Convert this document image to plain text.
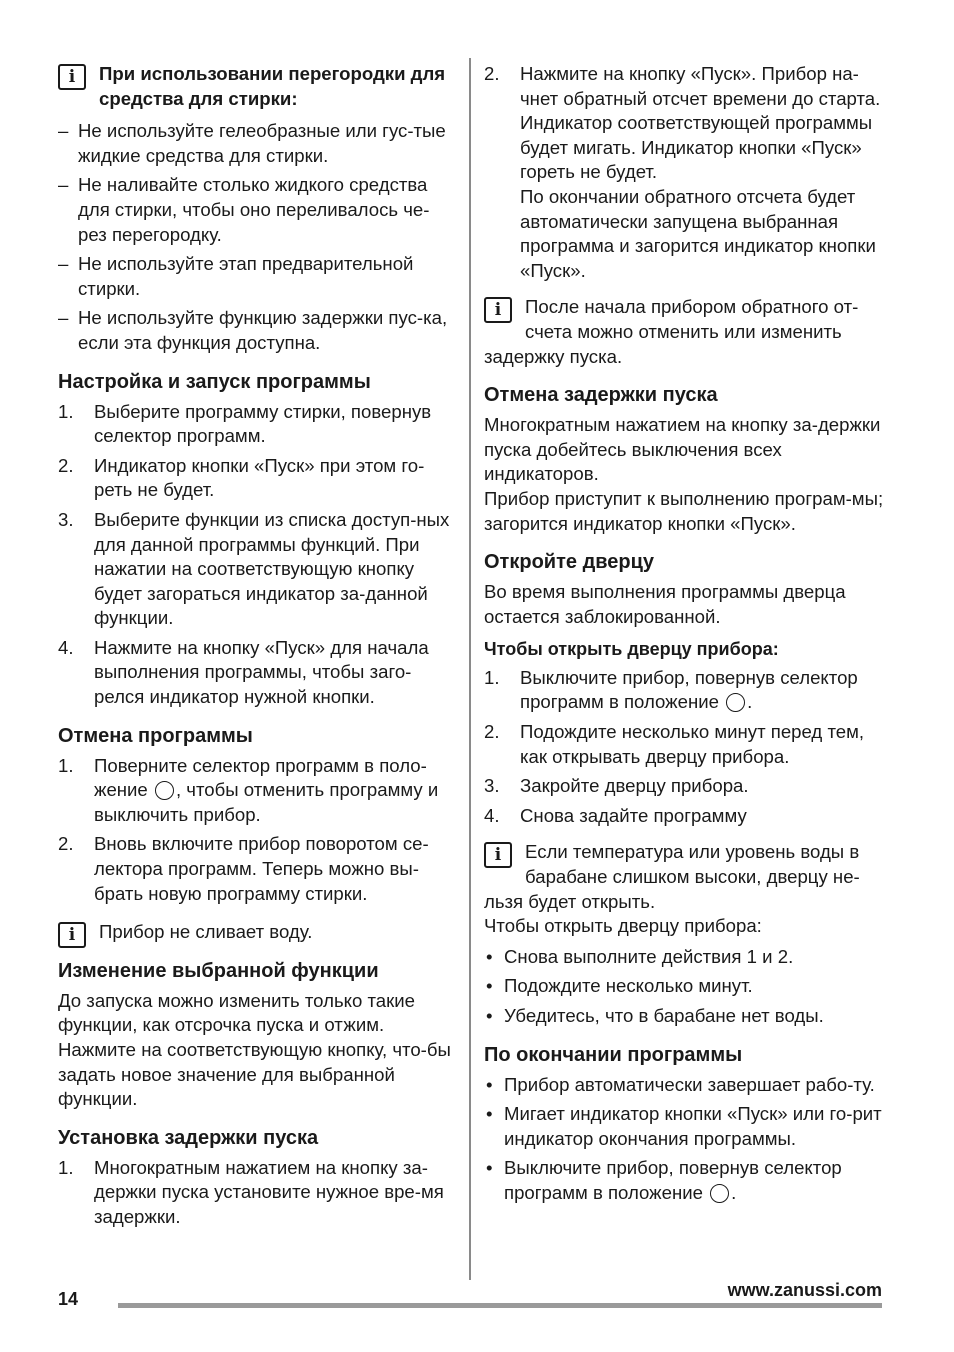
i	При использовании перегородки для средства для стирки:
– Не используйте гелеобразные или гус-тые жидкие средства для стирки.
– Не наливайте столько жидкого средства для стирки, чтобы оно переливалось че-рез перегородку.
– Не используйте этап предварительной стирки.
– Не используйте функцию задержки пус-ка, если эта функция доступна.
Настройка и запуск программы
1. Выберите программу стирки, повернув селектор программ.
2. Индикатор кнопки «Пуск» при этом го-реть не будет.
3. Выберите функции из списка доступ-ных для данной программы функций. При нажатии на соответствующую кнопку будет загораться индикатор за-данной функции.
4. Нажмите на кнопку «Пуск» для начала выполнения программы, чтобы заго-релся индикатор нужной кнопки.
Отмена программы
1. Поверните селектор программ в поло-жение , чтобы отменить программу и выключить прибор.
2. Вновь включите прибор поворотом се-лектора программ. Теперь можно вы-брать новую программу стирки.
i	Прибор не сливает воду.
Изменение выбранной функции
До запуска можно изменить только такие функции, как отсрочка пуска и отжим.
Нажмите на соответствующую кнопку, что-бы задать новое значение для выбранной функции.
Установка задержки пуска
1. Многократным нажатием на кнопку за-держки пуска установите нужное вре-мя задержки.
2. Нажмите на кнопку «Пуск». Прибор на-чнет обратный отсчет времени до старта. Индикатор соответствующей программы будет мигать. Индикатор кнопки «Пуск» гореть не будет.
По окончании обратного отсчета будет автоматически запущена выбранная программа и загорится индикатор кнопки «Пуск».
i	После начала прибором обратного от-счета можно отменить или изменить
задержку пуска.
Отмена задержки пуска
Многократным нажатием на кнопку за-держки пуска добейтесь выключения всех индикаторов.
Прибор приступит к выполнению програм-мы; загорится индикатор кнопки «Пуск».
Откройте дверцу
Во время выполнения программы дверца остается заблокированной.
Чтобы открыть дверцу прибора:
1. Выключите прибор, повернув селектор программ в положение .
2. Подождите несколько минут перед тем, как открывать дверцу прибора.
3. Закройте дверцу прибора.
4. Снова задайте программу
i	Если температура или уровень воды в барабане слишком высоки, дверцу не-
льзя будет открыть.
Чтобы открыть дверцу прибора:
• Снова выполните действия 1 и 2.
• Подождите несколько минут.
• Убедитесь, что в барабане нет воды.
По окончании программы
• Прибор автоматически завершает рабо-ту.
• Мигает индикатор кнопки «Пуск» или го-рит индикатор окончания программы.
• Выключите прибор, повернув селектор программ в положение .
14	www.zanussi.com
